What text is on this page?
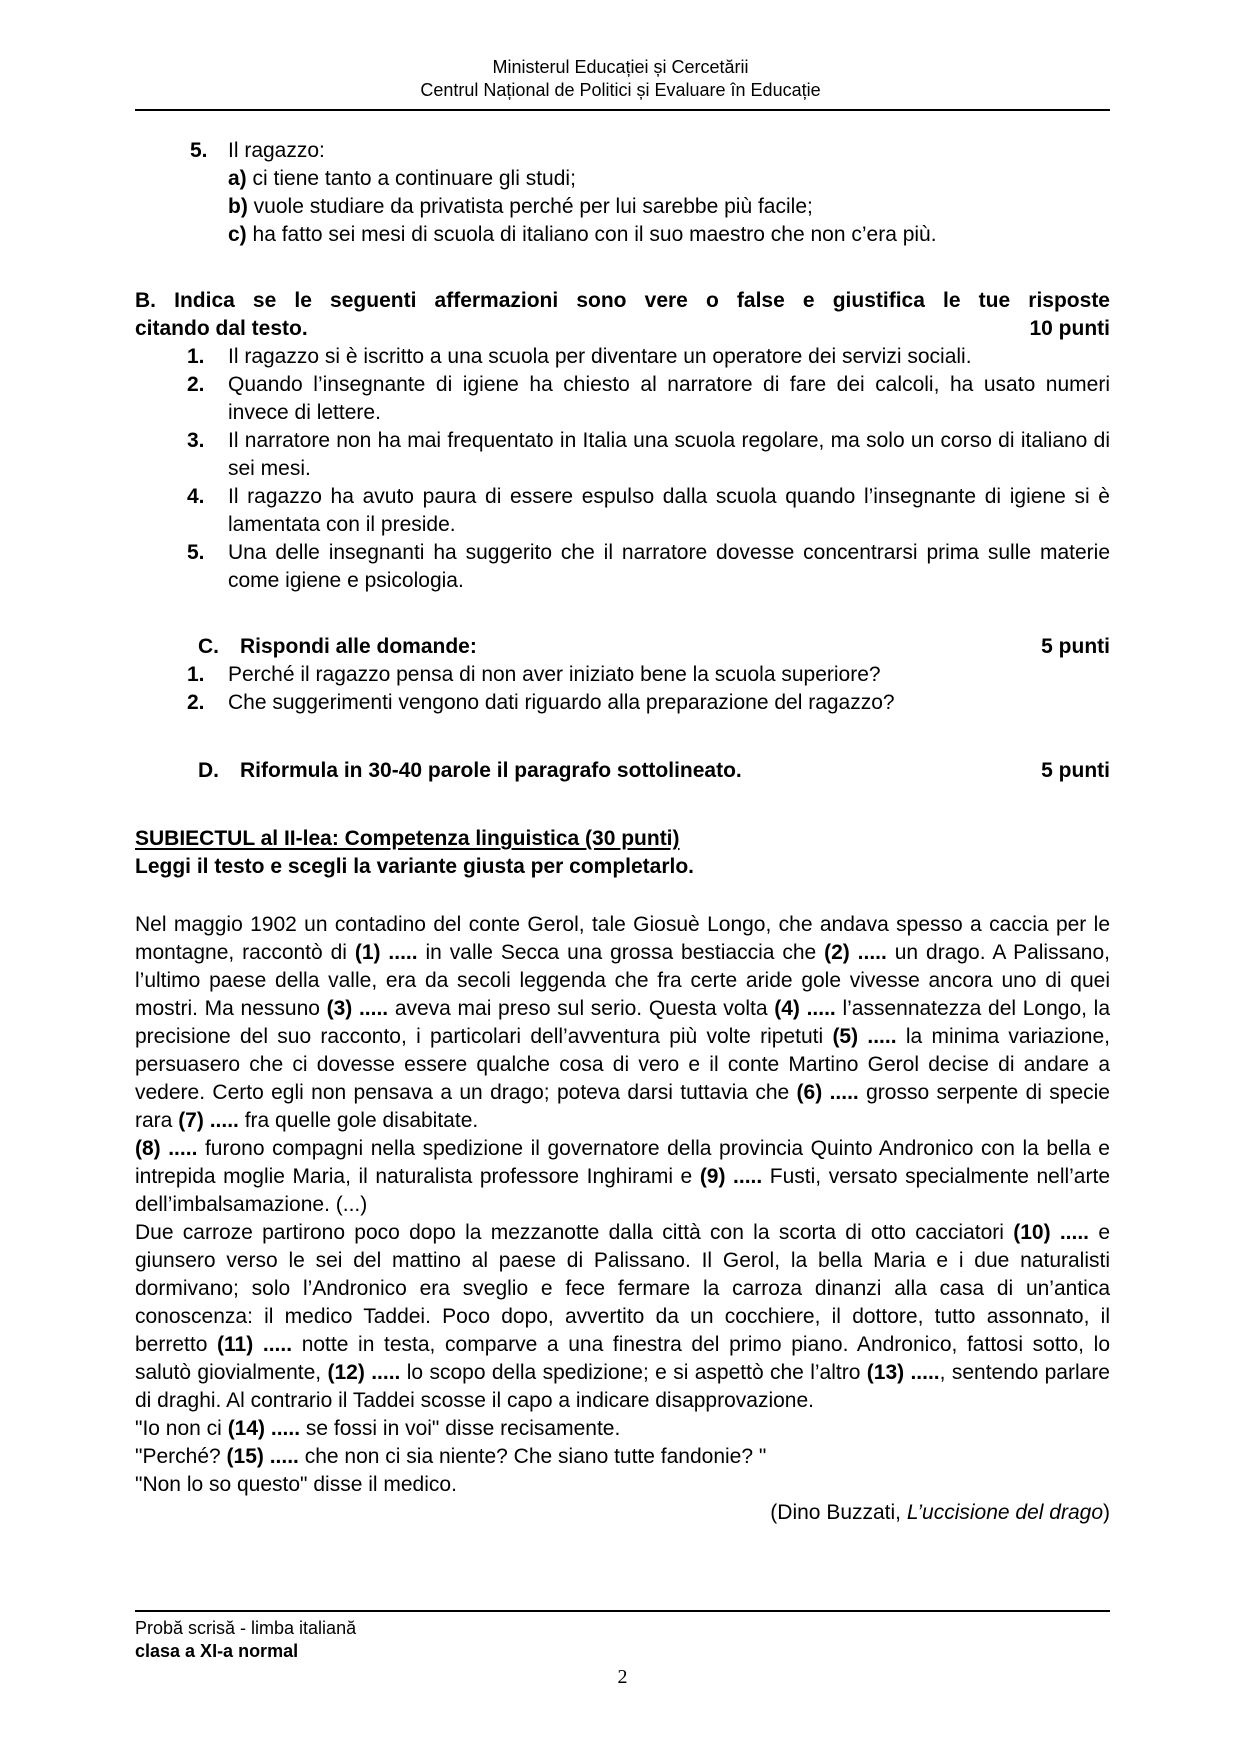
Ministerul Educației și Cercetării
Centrul Național de Politici și Evaluare în Educație
5. Il ragazzo:
a) ci tiene tanto a continuare gli studi;
b) vuole studiare da privatista perché per lui sarebbe più facile;
c) ha fatto sei mesi di scuola di italiano con il suo maestro che non c’era più.
B. Indica se le seguenti affermazioni sono vere o false e giustifica le tue risposte
citando dal testo.	10 punti
1. Il ragazzo si è iscritto a una scuola per diventare un operatore dei servizi sociali.
2. Quando l’insegnante di igiene ha chiesto al narratore di fare dei calcoli, ha usato numeri invece di lettere.
3. Il narratore non ha mai frequentato in Italia una scuola regolare, ma solo un corso di italiano di sei mesi.
4. Il ragazzo ha avuto paura di essere espulso dalla scuola quando l’insegnante di igiene si è lamentata con il preside.
5. Una delle insegnanti ha suggerito che il narratore dovesse concentrarsi prima sulle materie come igiene e psicologia.
C.	5 punti
Rispondi alle domande:
1. Perché il ragazzo pensa di non aver iniziato bene la scuola superiore?
2. Che suggerimenti vengono dati riguardo alla preparazione del ragazzo?
D.	5 punti
Riformula in 30-40 parole il paragrafo sottolineato.
SUBIECTUL al II-lea: Competenza linguistica (30 punti)
Leggi il testo e scegli la variante giusta per completarlo.
Nel maggio 1902 un contadino del conte Gerol, tale Giosuè Longo, che andava spesso a caccia per le montagne, raccontò di (1) ..... in valle Secca una grossa bestiaccia che (2) ..... un drago. A Palissano, l’ultimo paese della valle, era da secoli leggenda che fra certe aride gole vivesse ancora uno di quei mostri. Ma nessuno (3) ..... aveva mai preso sul serio. Questa volta (4) ..... l’assennatezza del Longo, la precisione del suo racconto, i particolari dell’avventura più volte ripetuti (5) ..... la minima variazione, persuasero che ci dovesse essere qualche cosa di vero e il conte Martino Gerol decise di andare a vedere. Certo egli non pensava a un drago; poteva darsi tuttavia che (6) ..... grosso serpente di specie rara (7) ..... fra quelle gole disabitate.
(8) ..... furono compagni nella spedizione il governatore della provincia Quinto Andronico con la bella e intrepida moglie Maria, il naturalista professore Inghirami e (9) ..... Fusti, versato specialmente nell’arte dell’imbalsamazione. (...)
Due carroze partirono poco dopo la mezzanotte dalla città con la scorta di otto cacciatori (10) ..... e giunsero verso le sei del mattino al paese di Palissano. Il Gerol, la bella Maria e i due naturalisti dormivano; solo l’Andronico era sveglio e fece fermare la carroza dinanzi alla casa di un’antica conoscenza: il medico Taddei. Poco dopo, avvertito da un cocchiere, il dottore, tutto assonnato, il berretto (11) ..... notte in testa, comparve a una finestra del primo piano. Andronico, fattosi sotto, lo salutò giovialmente, (12) ..... lo scopo della spedizione; e si aspettò che l’altro (13) ....., sentendo parlare di draghi. Al contrario il Taddei scosse il capo a indicare disapprovazione.
"Io non ci (14) ..... se fossi in voi" disse recisamente.
"Perché? (15) ..... che non ci sia niente? Che siano tutte fandonie? "
"Non lo so questo" disse il medico.
(Dino Buzzati, L’uccisione del drago)
Probă scrisă - limba italiană
clasa a XI-a normal
2
